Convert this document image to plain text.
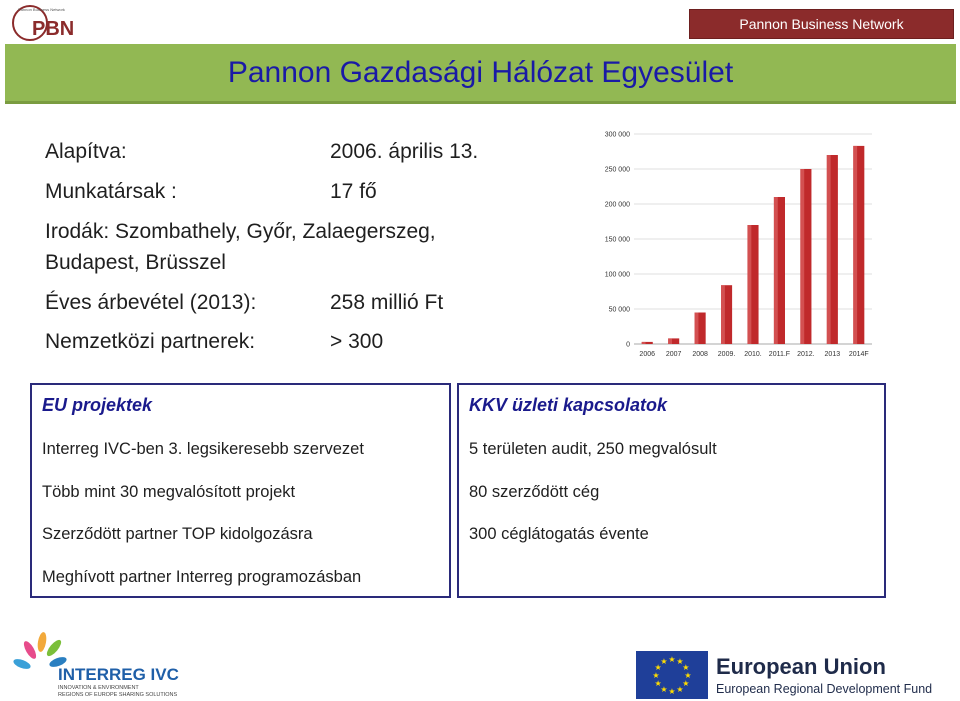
Pannon Business Network
PBN	Pannon Business Network
Pannon Gazdasági Hálózat Egyesület
Alapítva:	2006. április 13.
Munkatársak :	17 fő
Irodák: Szombathely, Győr, Zalaegerszeg,
Budapest, Brüsszel
Éves árbevétel (2013):	258 millió Ft
Nemzetközi partnerek:	> 300	0
50 000
100 000
150 000
200 000
250 000
300 000
2006 2007 2008 2009. 2010. 2011.F 2012. 2013 2014F
EU projektek
Interreg IVC-ben 3. legsikeresebb szervezet
Több mint 30 megvalósított projekt
Szerződött partner TOP kidolgozásra
Meghívott partner Interreg programozásban
KKV üzleti kapcsolatok
5 területen audit, 250 megvalósult
80 szerződött cég
300 céglátogatás évente
INTERREG IVC
INNOVATION & ENVIRONMENT
REGIONS OF EUROPE SHARING SOLUTIONS
★
★
★
★
★
★
★
★
★ ★ ★
★ European Union
European Regional Development Fund
